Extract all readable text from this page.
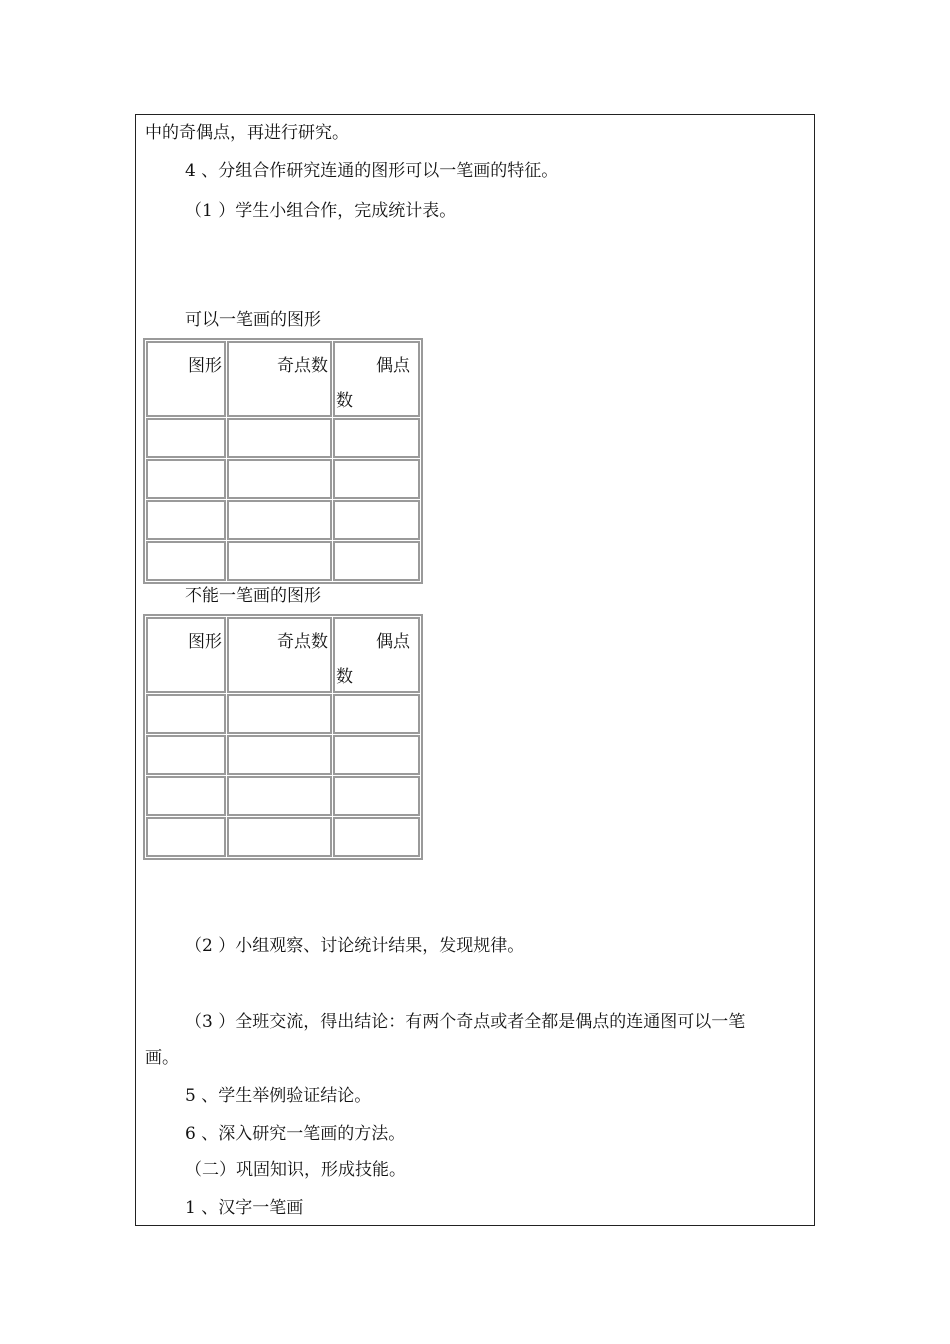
中的奇偶点，再进行研究。
4 、分组合作研究连通的图形可以一笔画的特征。
（1 ）学生小组合作，完成统计表。
可以一笔画的图形
图形	奇点数	偶点
数

不能一笔画的图形
图形	奇点数	偶点
数

（2 ）小组观察、讨论统计结果，发现规律。
（3 ）全班交流，得出结论：有两个奇点或者全都是偶点的连通图可以一笔
画。
5 、学生举例验证结论。
6 、深入研究一笔画的方法。
（二）巩固知识，形成技能。
1 、汉字一笔画
